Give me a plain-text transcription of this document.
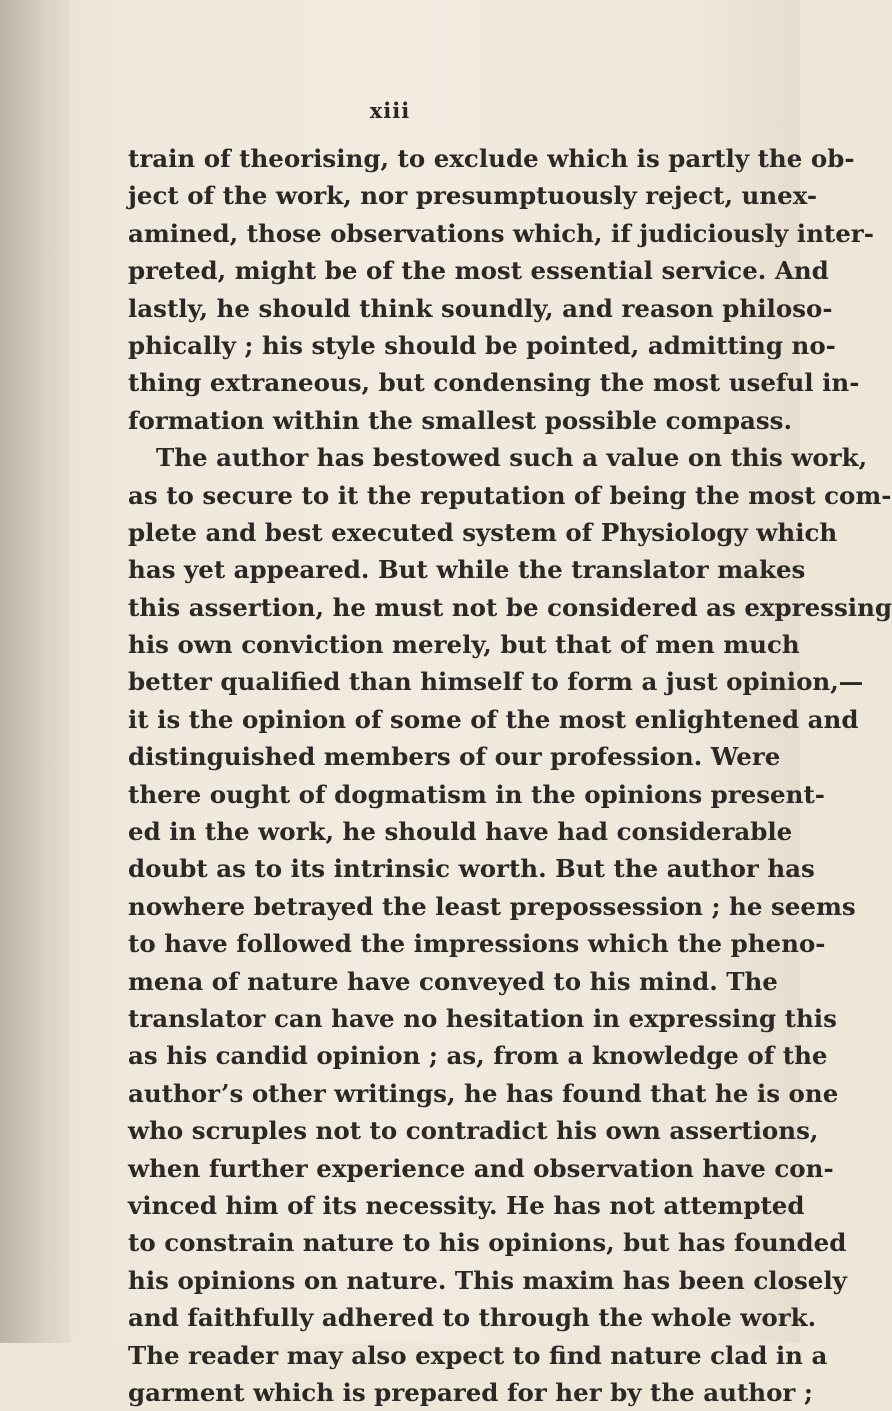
xiii
train of theorising, to exclude which is partly the ob-
ject of the work, nor presumptuously reject, unex-
amined, those observations which, if judiciously inter-
preted, might be of the most essential service. And
lastly, he should think soundly, and reason philoso-
phically ; his style should be pointed, admitting no-
thing extraneous, but condensing the most useful in-
formation within the smallest possible compass.
The author has bestowed such a value on this work,
as to secure to it the reputation of being the most com-
plete and best executed system of Physiology which
has yet appeared. But while the translator makes
this assertion, he must not be considered as expressing
his own conviction merely, but that of men much
better qualified than himself to form a just opinion,—
it is the opinion of some of the most enlightened and
distinguished members of our profession. Were
there ought of dogmatism in the opinions present-
ed in the work, he should have had considerable
doubt as to its intrinsic worth. But the author has
nowhere betrayed the least prepossession ; he seems
to have followed the impressions which the pheno-
mena of nature have conveyed to his mind. The
translator can have no hesitation in expressing this
as his candid opinion ; as, from a knowledge of the
author’s other writings, he has found that he is one
who scruples not to contradict his own assertions,
when further experience and observation have con-
vinced him of its necessity. He has not attempted
to constrain nature to his opinions, but has founded
his opinions on nature. This maxim has been closely
and faithfully adhered to through the whole work.
The reader may also expect to find nature clad in a
garment which is prepared for her by the author ;
